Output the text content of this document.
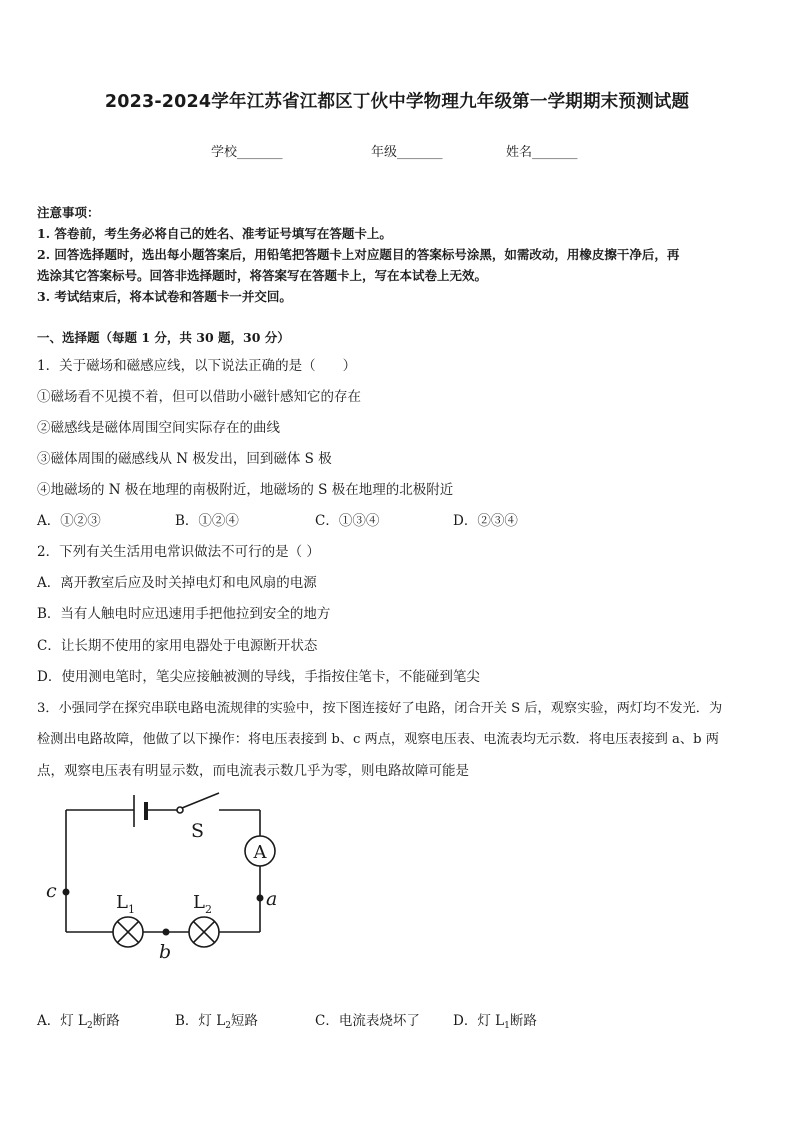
2023-2024学年江苏省江都区丁伙中学物理九年级第一学期期末预测试题
学校_______	年级_______	姓名_______
注意事项：
1. 答卷前，考生务必将自己的姓名、准考证号填写在答题卡上。
2. 回答选择题时，选出每小题答案后，用铅笔把答题卡上对应题目的答案标号涂黑，如需改动，用橡皮擦干净后，再
选涂其它答案标号。回答非选择题时，将答案写在答题卡上，写在本试卷上无效。
3. 考试结束后，将本试卷和答题卡一并交回。
一、选择题（每题 1 分，共 30 题，30 分）
1．关于磁场和磁感应线，以下说法正确的是（　　）
①磁场看不见摸不着，但可以借助小磁针感知它的存在
②磁感线是磁体周围空间实际存在的曲线
③磁体周围的磁感线从 N 极发出，回到磁体 S 极
④地磁场的 N 极在地理的南极附近，地磁场的 S 极在地理的北极附近
A．①②③	B．①②④	C．①③④	D．②③④
2．下列有关生活用电常识做法不可行的是（ ）
A．离开教室后应及时关掉电灯和电风扇的电源
B．当有人触电时应迅速用手把他拉到安全的地方
C．让长期不使用的家用电器处于电源断开状态
D．使用测电笔时，笔尖应接触被测的导线，手指按住笔卡，不能碰到笔尖
3．小强同学在探究串联电路电流规律的实验中，按下图连接好了电路，闭合开关 S 后，观察实验，两灯均不发光．为
检测出电路故障，他做了以下操作：将电压表接到 b、c 两点，观察电压表、电流表均无示数．将电压表接到 a、b 两
点，观察电压表有明显示数，而电流表示数几乎为零，则电路故障可能是
S
A
$L_1$	$L_2$
c	a
b
A．灯 $L_2$断路	B．灯 $L_2$短路	C．电流表烧坏了 D．灯 $L_1$断路
